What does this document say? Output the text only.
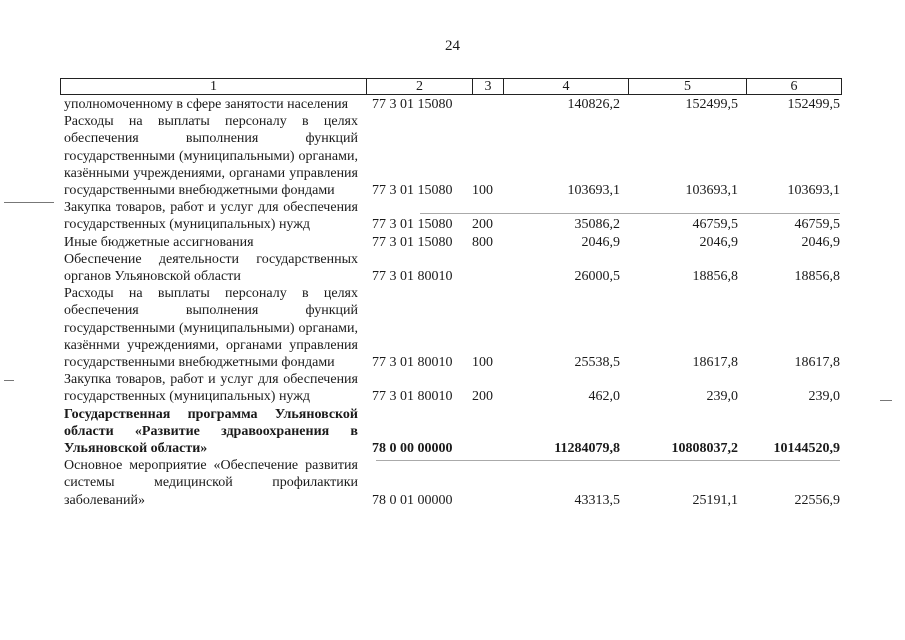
24
1	2	3	4	5	6
уполномоченному в сфере занятости населения	77 3 01 15080		140826,2	152499,5	152499,5
Расходы на выплаты персоналу в целях обеспечения выполнения функций государственными (муниципальными) органами, казёнными учреждениями, органами управления государственными внебюджетными фондами	77 3 01 15080	100	103693,1	103693,1	103693,1
Закупка товаров, работ и услуг для обеспечения государственных (муниципальных) нужд	77 3 01 15080	200	35086,2	46759,5	46759,5
Иные бюджетные ассигнования	77 3 01 15080	800	2046,9	2046,9	2046,9
Обеспечение деятельности государственных органов Ульяновской области	77 3 01 80010		26000,5	18856,8	18856,8
Расходы на выплаты персоналу в целях обеспечения выполнения функций государственными (муниципальными) органами, казённми учреждениями, органами управления государственными внебюджетными фондами	77 3 01 80010	100	25538,5	18617,8	18617,8
Закупка товаров, работ и услуг для обеспечения государственных (муниципальных) нужд	77 3 01 80010	200	462,0	239,0	239,0
Государственная программа Ульяновской области «Развитие здравоохранения в Ульяновской области»	78 0 00 00000		11284079,8	10808037,2	10144520,9
Основное мероприятие «Обеспечение развития системы медицинской профилактики заболеваний»	78 0 01 00000		43313,5	25191,1	22556,9
